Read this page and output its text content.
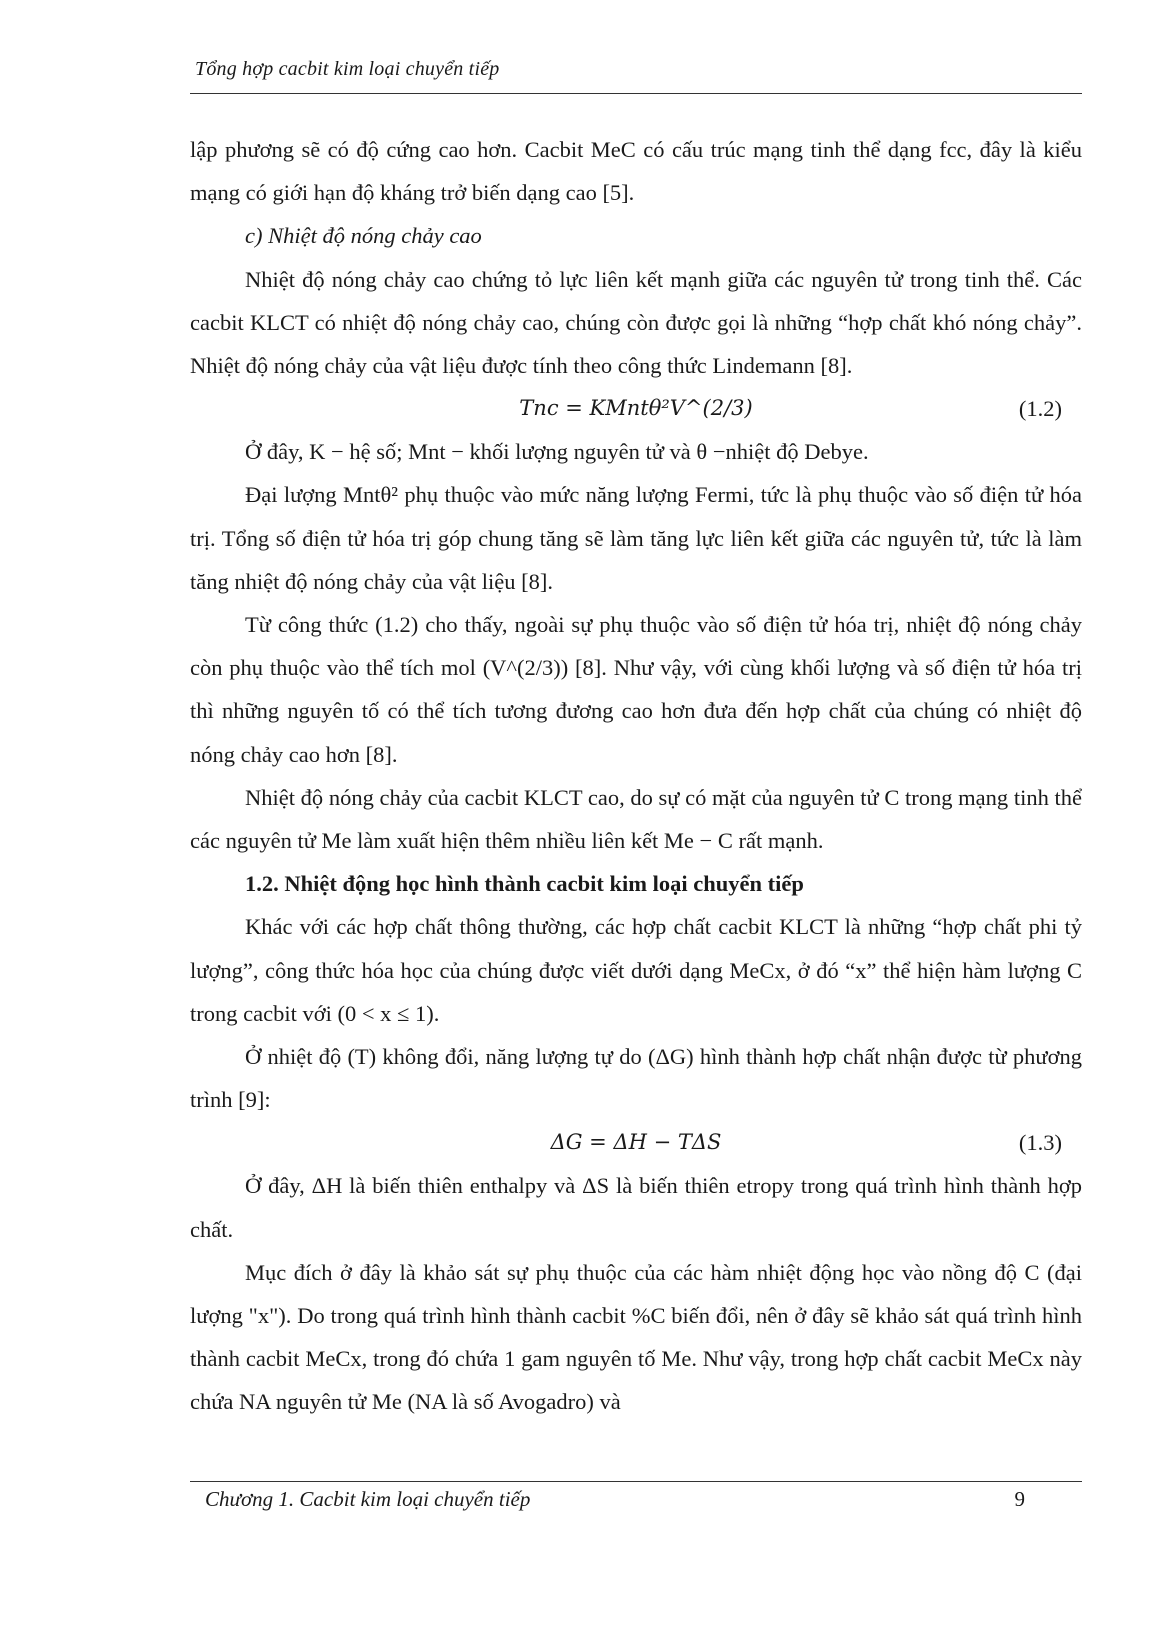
Tổng hợp cacbit kim loại chuyển tiếp

lập phương sẽ có độ cứng cao hơn. Cacbit MeC có cấu trúc mạng tinh thể dạng fcc, đây là kiểu mạng có giới hạn độ kháng trở biến dạng cao [5].

c) Nhiệt độ nóng chảy cao

Nhiệt độ nóng chảy cao chứng tỏ lực liên kết mạnh giữa các nguyên tử trong tinh thể. Các cacbit KLCT có nhiệt độ nóng chảy cao, chúng còn được gọi là những “hợp chất khó nóng chảy”. Nhiệt độ nóng chảy của vật liệu được tính theo công thức Lindemann [8].

Tnc = KMntθ²V^(2/3)	(1.2)

Ở đây, K − hệ số; Mnt − khối lượng nguyên tử và θ −nhiệt độ Debye.

Đại lượng Mntθ² phụ thuộc vào mức năng lượng Fermi, tức là phụ thuộc vào số điện tử hóa trị. Tổng số điện tử hóa trị góp chung tăng sẽ làm tăng lực liên kết giữa các nguyên tử, tức là làm tăng nhiệt độ nóng chảy của vật liệu [8].

Từ công thức (1.2) cho thấy, ngoài sự phụ thuộc vào số điện tử hóa trị, nhiệt độ nóng chảy còn phụ thuộc vào thể tích mol (V^(2/3)) [8]. Như vậy, với cùng khối lượng và số điện tử hóa trị thì những nguyên tố có thể tích tương đương cao hơn đưa đến hợp chất của chúng có nhiệt độ nóng chảy cao hơn [8].

Nhiệt độ nóng chảy của cacbit KLCT cao, do sự có mặt của nguyên tử C trong mạng tinh thể các nguyên tử Me làm xuất hiện thêm nhiều liên kết Me − C rất mạnh.

1.2. Nhiệt động học hình thành cacbit kim loại chuyển tiếp

Khác với các hợp chất thông thường, các hợp chất cacbit KLCT là những “hợp chất phi tỷ lượng”, công thức hóa học của chúng được viết dưới dạng MeCx, ở đó “x” thể hiện hàm lượng C trong cacbit với (0 < x ≤ 1).

Ở nhiệt độ (T) không đổi, năng lượng tự do (ΔG) hình thành hợp chất nhận được từ phương trình [9]:

ΔG = ΔH − TΔS	(1.3)

Ở đây, ΔH là biến thiên enthalpy và ΔS là biến thiên etropy trong quá trình hình thành hợp chất.

Mục đích ở đây là khảo sát sự phụ thuộc của các hàm nhiệt động học vào nồng độ C (đại lượng "x"). Do trong quá trình hình thành cacbit %C biến đổi, nên ở đây sẽ khảo sát quá trình hình thành cacbit MeCx, trong đó chứa 1 gam nguyên tố Me. Như vậy, trong hợp chất cacbit MeCx này chứa NA nguyên tử Me (NA là số Avogadro) và

Chương 1. Cacbit kim loại chuyển tiếp	9
